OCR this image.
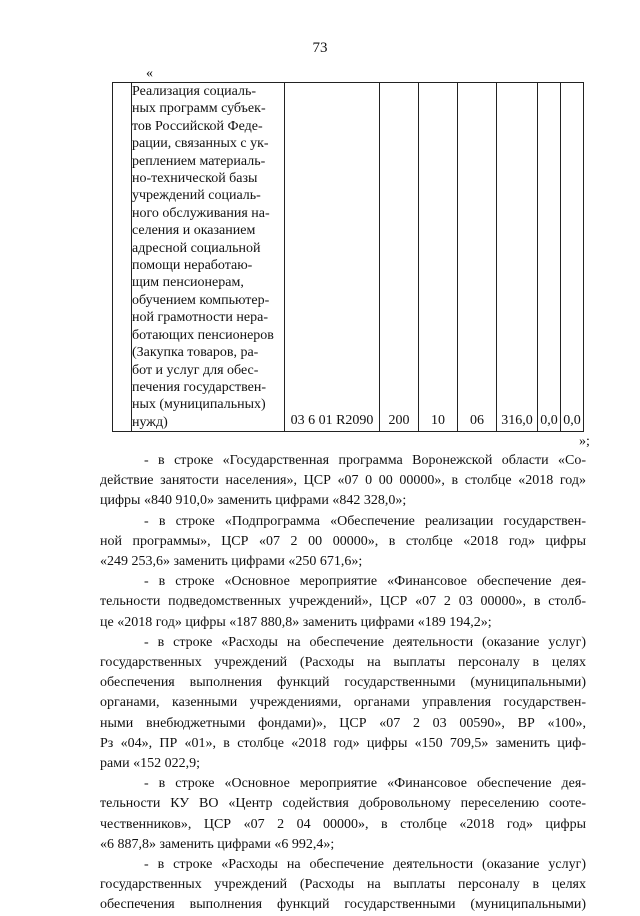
73
«

Реализация социаль-
ных программ субъек-
тов Российской Феде-
рации, связанных с ук-
реплением материаль-
но-технической базы
учреждений социаль-
ного обслуживания на-
селения и оказанием
адресной социальной
помощи неработаю-
щим пенсионерам,
обучением компьютер-
ной грамотности нера-
ботающих пенсионеров
(Закупка товаров, ра-
бот и услуг для обес-
печения государствен-
ных (муниципальных)
нужд)	03 6 01 R2090	200	10	06	316,0	0,0	0,0
»;
- в строке «Государственная программа Воронежской области «Со-
действие занятости населения», ЦСР «07 0 00 00000», в столбце «2018 год»
цифры «840 910,0» заменить цифрами «842 328,0»;
- в строке «Подпрограмма «Обеспечение реализации государствен-
ной программы», ЦСР «07 2 00 00000», в столбце «2018 год» цифры
«249 253,6» заменить цифрами «250 671,6»;
- в строке «Основное мероприятие «Финансовое обеспечение дея-
тельности подведомственных учреждений», ЦСР «07 2 03 00000», в столб-
це «2018 год» цифры «187 880,8» заменить цифрами «189 194,2»;
- в строке «Расходы на обеспечение деятельности (оказание услуг)
государственных учреждений (Расходы на выплаты персоналу в целях
обеспечения выполнения функций государственными (муниципальными)
органами, казенными учреждениями, органами управления государствен-
ными внебюджетными фондами)», ЦСР «07 2 03 00590», ВР «100»,
Рз «04», ПР «01», в столбце «2018 год» цифры «150 709,5» заменить циф-
рами «152 022,9;
- в строке «Основное мероприятие «Финансовое обеспечение дея-
тельности КУ ВО «Центр содействия добровольному переселению сооте-
чественников», ЦСР «07 2 04 00000», в столбце «2018 год» цифры
«6 887,8» заменить цифрами «6 992,4»;
- в строке «Расходы на обеспечение деятельности (оказание услуг)
государственных учреждений (Расходы на выплаты персоналу в целях
обеспечения выполнения функций государственными (муниципальными)
